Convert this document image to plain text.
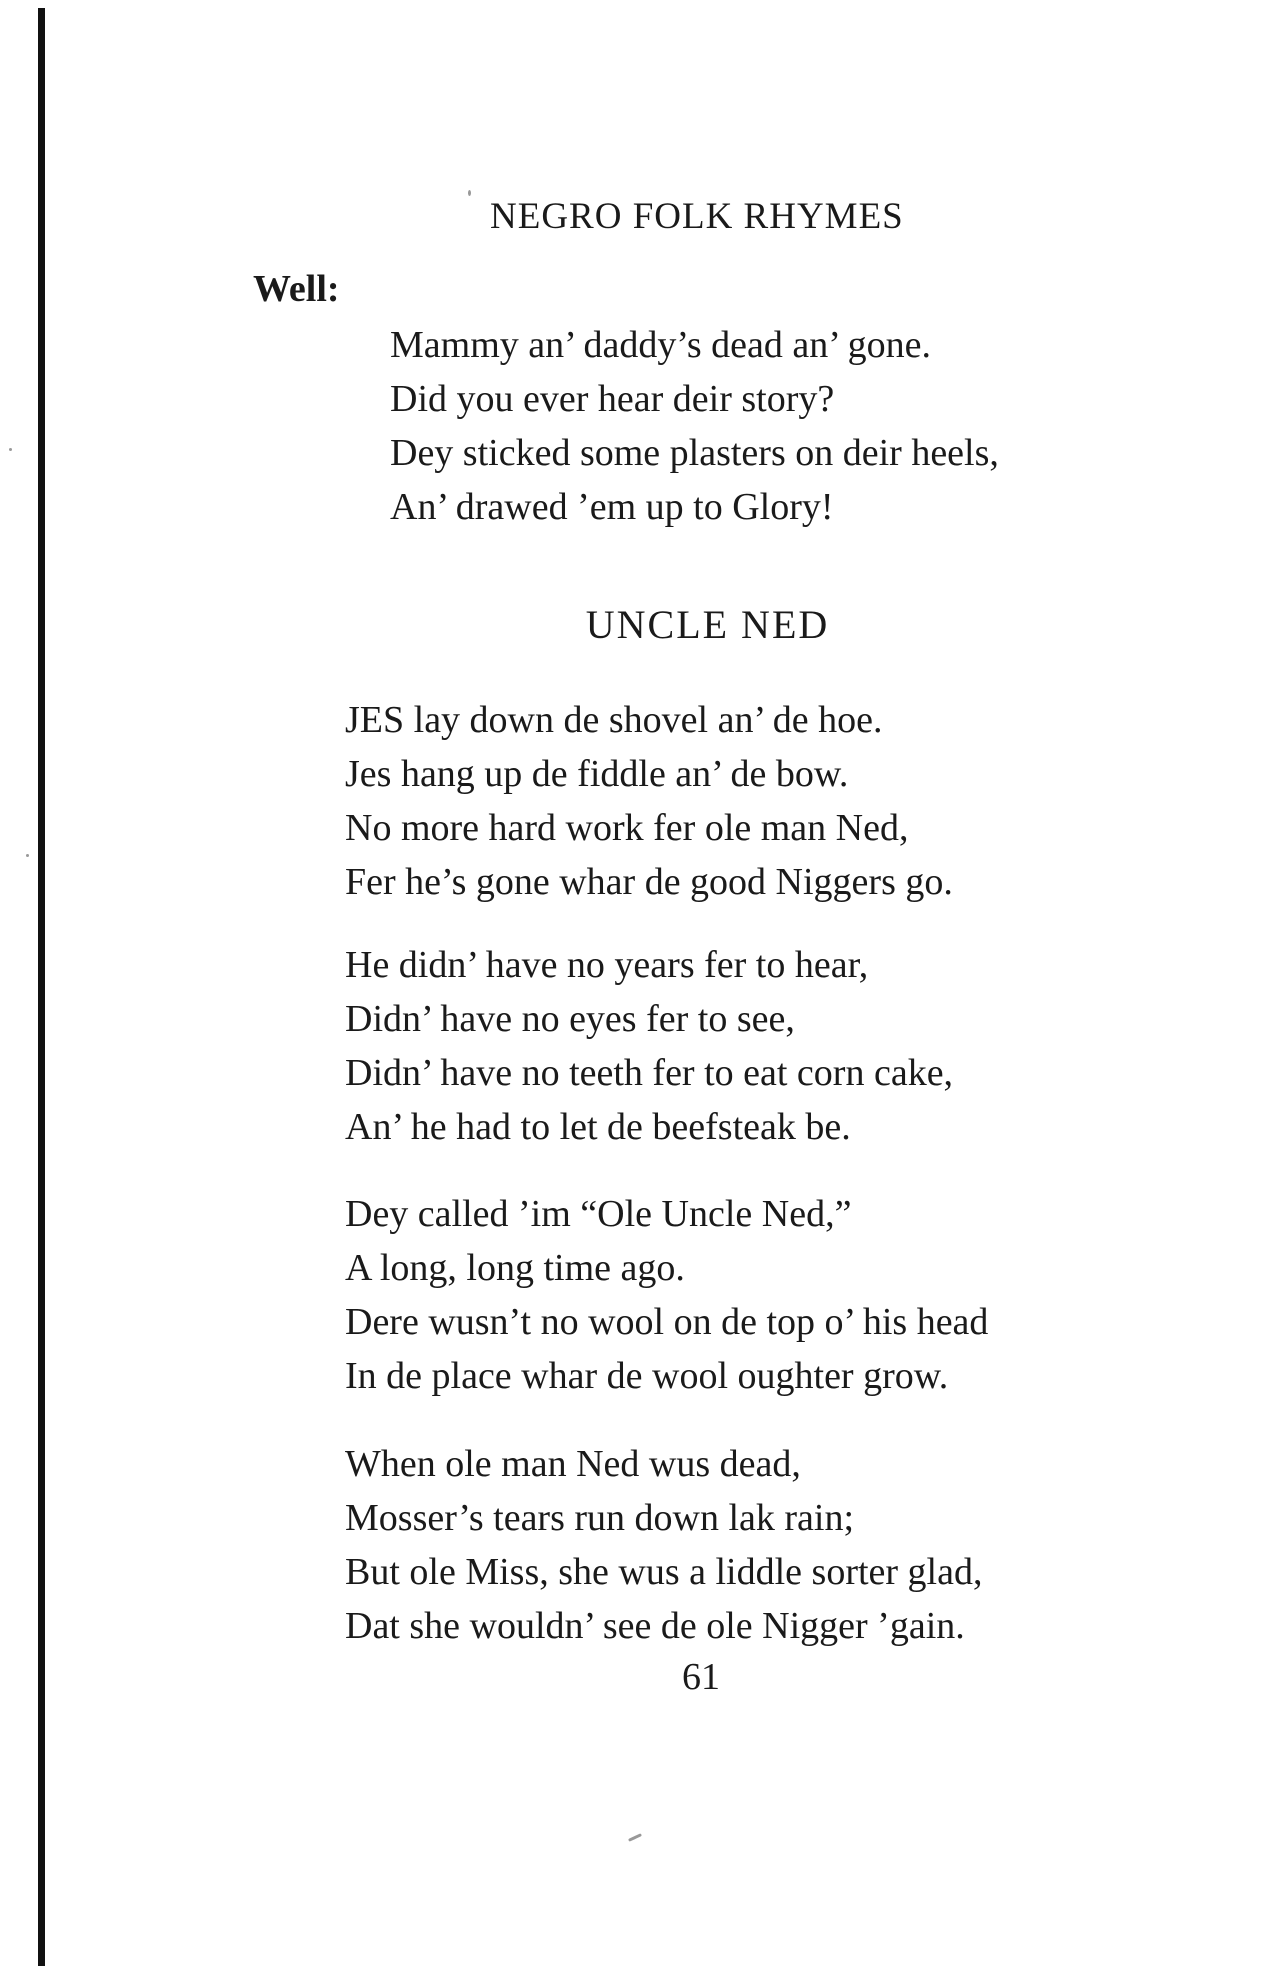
NEGRO FOLK RHYMES
Well:
Mammy an’ daddy’s dead an’ gone.
Did you ever hear deir story?
Dey sticked some plasters on deir heels,
An’ drawed ’em up to Glory!
UNCLE NED
JES lay down de shovel an’ de hoe.
Jes hang up de fiddle an’ de bow.
No more hard work fer ole man Ned,
Fer he’s gone whar de good Niggers go.
He didn’ have no years fer to hear,
Didn’ have no eyes fer to see,
Didn’ have no teeth fer to eat corn cake,
An’ he had to let de beefsteak be.
Dey called ’im “Ole Uncle Ned,”
A long, long time ago.
Dere wusn’t no wool on de top o’ his head
In de place whar de wool oughter grow.
When ole man Ned wus dead,
Mosser’s tears run down lak rain;
But ole Miss, she wus a liddle sorter glad,
Dat she wouldn’ see de ole Nigger ’gain.
61
